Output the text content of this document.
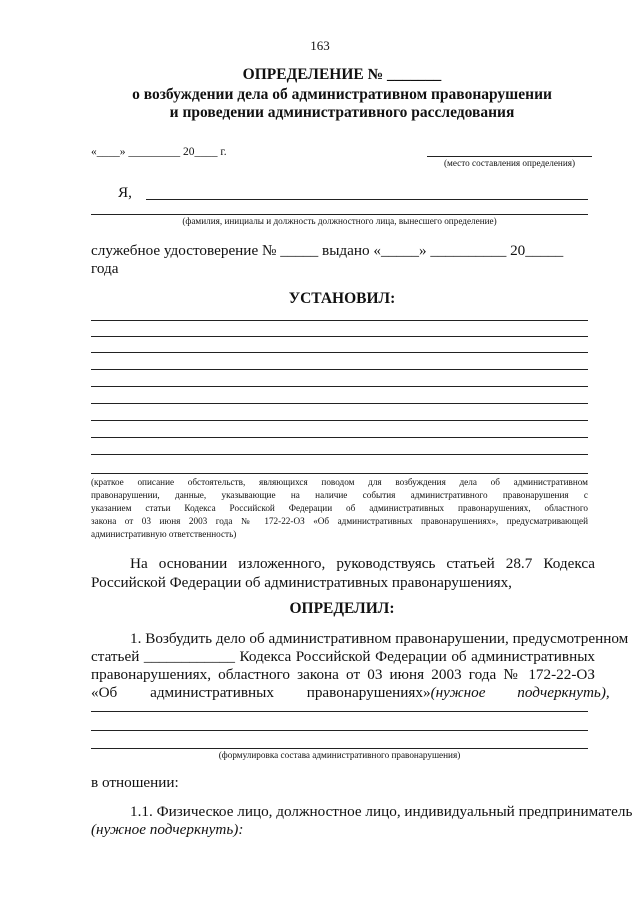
163
ОПРЕДЕЛЕНИЕ № _______
о возбуждении дела об административном правонарушении
и проведении административного расследования
«____» _________ 20____ г.
(место составления определения)
Я,
(фамилия, инициалы и должность должностного лица, вынесшего определение)
служебное удостоверение № _____ выдано «_____» __________ 20_____
года
УСТАНОВИЛ:
(краткое описание обстоятельств, являющихся поводом для возбуждения дела об административном
правонарушении, данные, указывающие на наличие события административного правонарушения с
указанием статьи Кодекса Российской Федерации об административных правонарушениях, областного
закона от 03 июня 2003 года № 172-22-ОЗ «Об административных правонарушениях», предусматривающей
административную ответственность)
На основании изложенного, руководствуясь статьей 28.7 Кодекса
Российской Федерации об административных правонарушениях,
ОПРЕДЕЛИЛ:
1. Возбудить дело об административном правонарушении, предусмотренном
статьей ____________ Кодекса Российской Федерации об административных
правонарушениях, областного закона от 03 июня 2003 года № 172-22-ОЗ
«Об административных правонарушениях» (нужное подчеркнуть),
(формулировка состава административного правонарушения)
в отношении:
1.1. Физическое лицо, должностное лицо, индивидуальный предприниматель
(нужное подчеркнуть):
